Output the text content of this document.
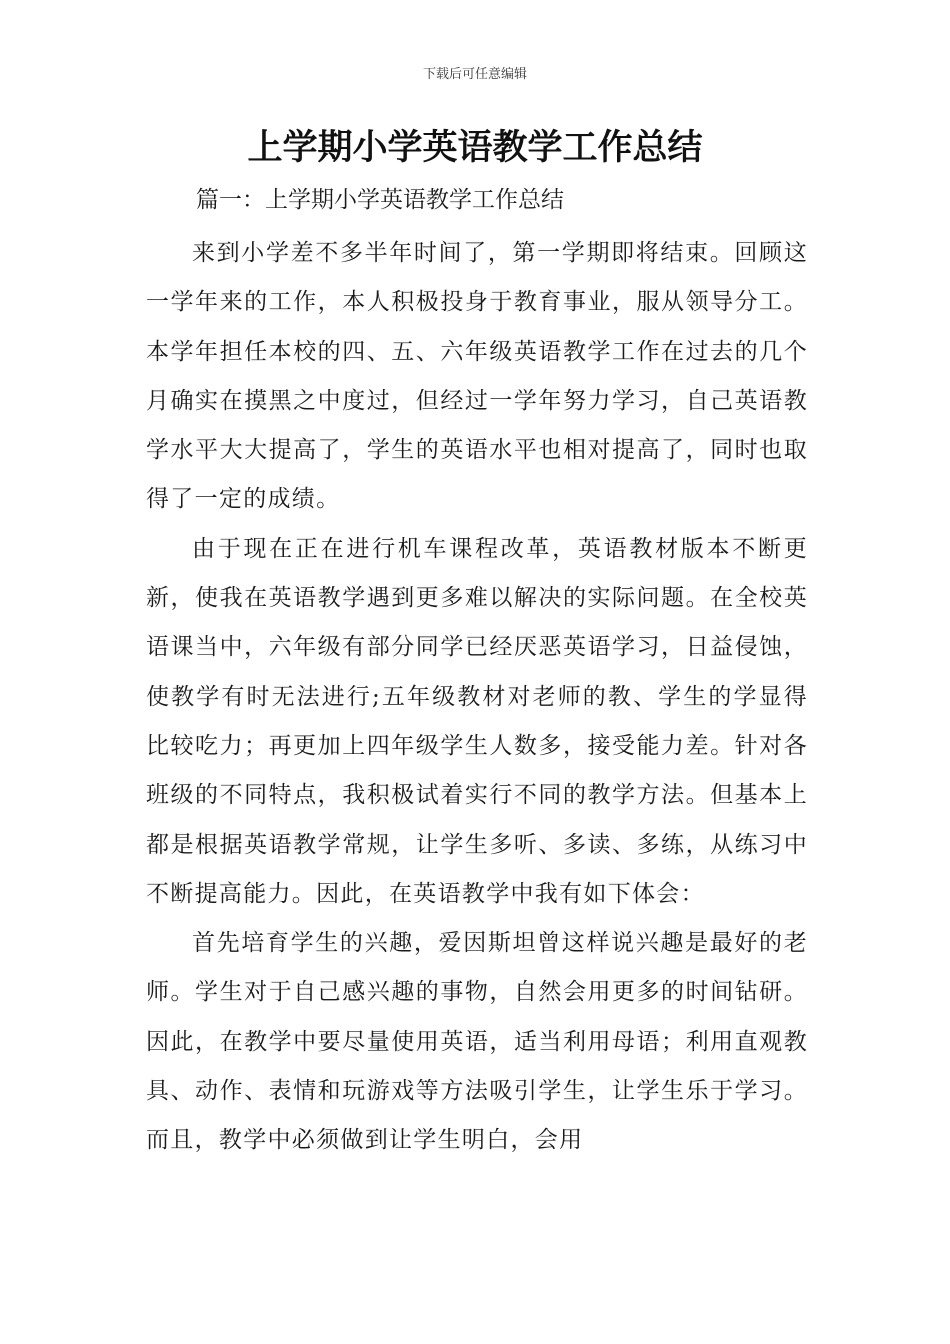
下载后可任意编辑
上学期小学英语教学工作总结

篇一：上学期小学英语教学工作总结

来到小学差不多半年时间了，第一学期即将结束。回顾这一学年来的工作，本人积极投身于教育事业，服从领导分工。本学年担任本校的四、五、六年级英语教学工作在过去的几个月确实在摸黑之中度过，但经过一学年努力学习，自己英语教学水平大大提高了，学生的英语水平也相对提高了，同时也取得了一定的成绩。

由于现在正在进行机车课程改革，英语教材版本不断更新，使我在英语教学遇到更多难以解决的实际问题。在全校英语课当中，六年级有部分同学已经厌恶英语学习，日益侵蚀，使教学有时无法进行;五年级教材对老师的教、学生的学显得比较吃力；再更加上四年级学生人数多，接受能力差。针对各班级的不同特点，我积极试着实行不同的教学方法。但基本上都是根据英语教学常规，让学生多听、多读、多练，从练习中不断提高能力。因此，在英语教学中我有如下体会：

首先培育学生的兴趣，爱因斯坦曾这样说兴趣是最好的老师。学生对于自己感兴趣的事物，自然会用更多的时间钻研。因此，在教学中要尽量使用英语，适当利用母语；利用直观教具、动作、表情和玩游戏等方法吸引学生，让学生乐于学习。而且，教学中必须做到让学生明白，会用
